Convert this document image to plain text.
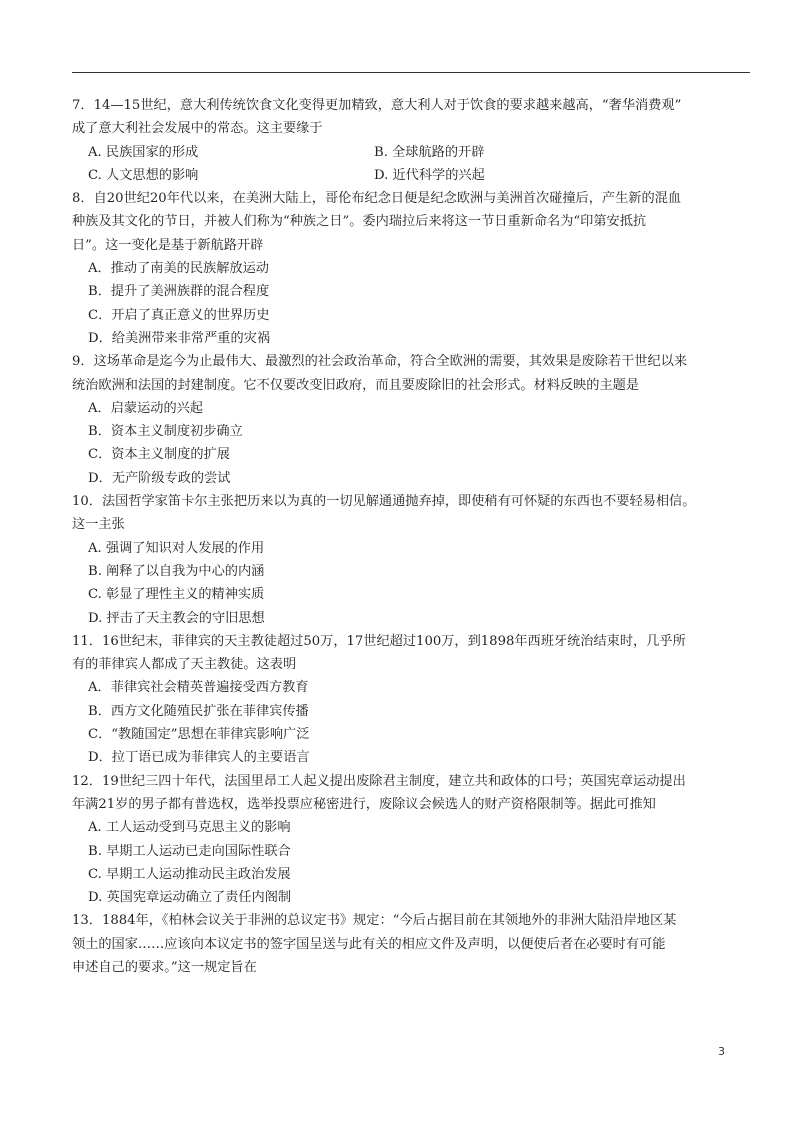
7．14—15世纪，意大利传统饮食文化变得更加精致，意大利人对于饮食的要求越来越高，“奢华消费观”
成了意大利社会发展中的常态。这主要缘于
A. 民族国家的形成	B. 全球航路的开辟
C. 人文思想的影响	D. 近代科学的兴起
8．自20世纪20年代以来，在美洲大陆上，哥伦布纪念日便是纪念欧洲与美洲首次碰撞后，产生新的混血
种族及其文化的节日，并被人们称为“种族之日”。委内瑞拉后来将这一节日重新命名为“印第安抵抗
日”。这一变化是基于新航路开辟
A．推动了南美的民族解放运动
B．提升了美洲族群的混合程度
C．开启了真正意义的世界历史
D．给美洲带来非常严重的灾祸
9．这场革命是迄今为止最伟大、最激烈的社会政治革命，符合全欧洲的需要，其效果是废除若干世纪以来
统治欧洲和法国的封建制度。它不仅要改变旧政府，而且要废除旧的社会形式。材料反映的主题是
A．启蒙运动的兴起
B．资本主义制度初步确立
C．资本主义制度的扩展
D．无产阶级专政的尝试
10．法国哲学家笛卡尔主张把历来以为真的一切见解通通抛弃掉，即使稍有可怀疑的东西也不要轻易相信。
这一主张
A. 强调了知识对人发展的作用
B. 阐释了以自我为中心的内涵
C. 彰显了理性主义的精神实质
D. 抨击了天主教会的守旧思想
11．16世纪末，菲律宾的天主教徒超过50万，17世纪超过100万，到1898年西班牙统治结束时，几乎所
有的菲律宾人都成了天主教徒。这表明
A．菲律宾社会精英普遍接受西方教育
B．西方文化随殖民扩张在菲律宾传播
C．“教随国定”思想在菲律宾影响广泛
D．拉丁语已成为菲律宾人的主要语言
12．19世纪三四十年代，法国里昂工人起义提出废除君主制度，建立共和政体的口号；英国宪章运动提出
年满21岁的男子都有普选权，选举投票应秘密进行，废除议会候选人的财产资格限制等。据此可推知
A. 工人运动受到马克思主义的影响
B. 早期工人运动已走向国际性联合
C. 早期工人运动推动民主政治发展
D. 英国宪章运动确立了责任内阁制
13．1884年，《柏林会议关于非洲的总议定书》规定：“今后占据目前在其领地外的非洲大陆沿岸地区某
领土的国家……应该向本议定书的签字国呈送与此有关的相应文件及声明，以便使后者在必要时有可能
申述自己的要求。”这一规定旨在
3
